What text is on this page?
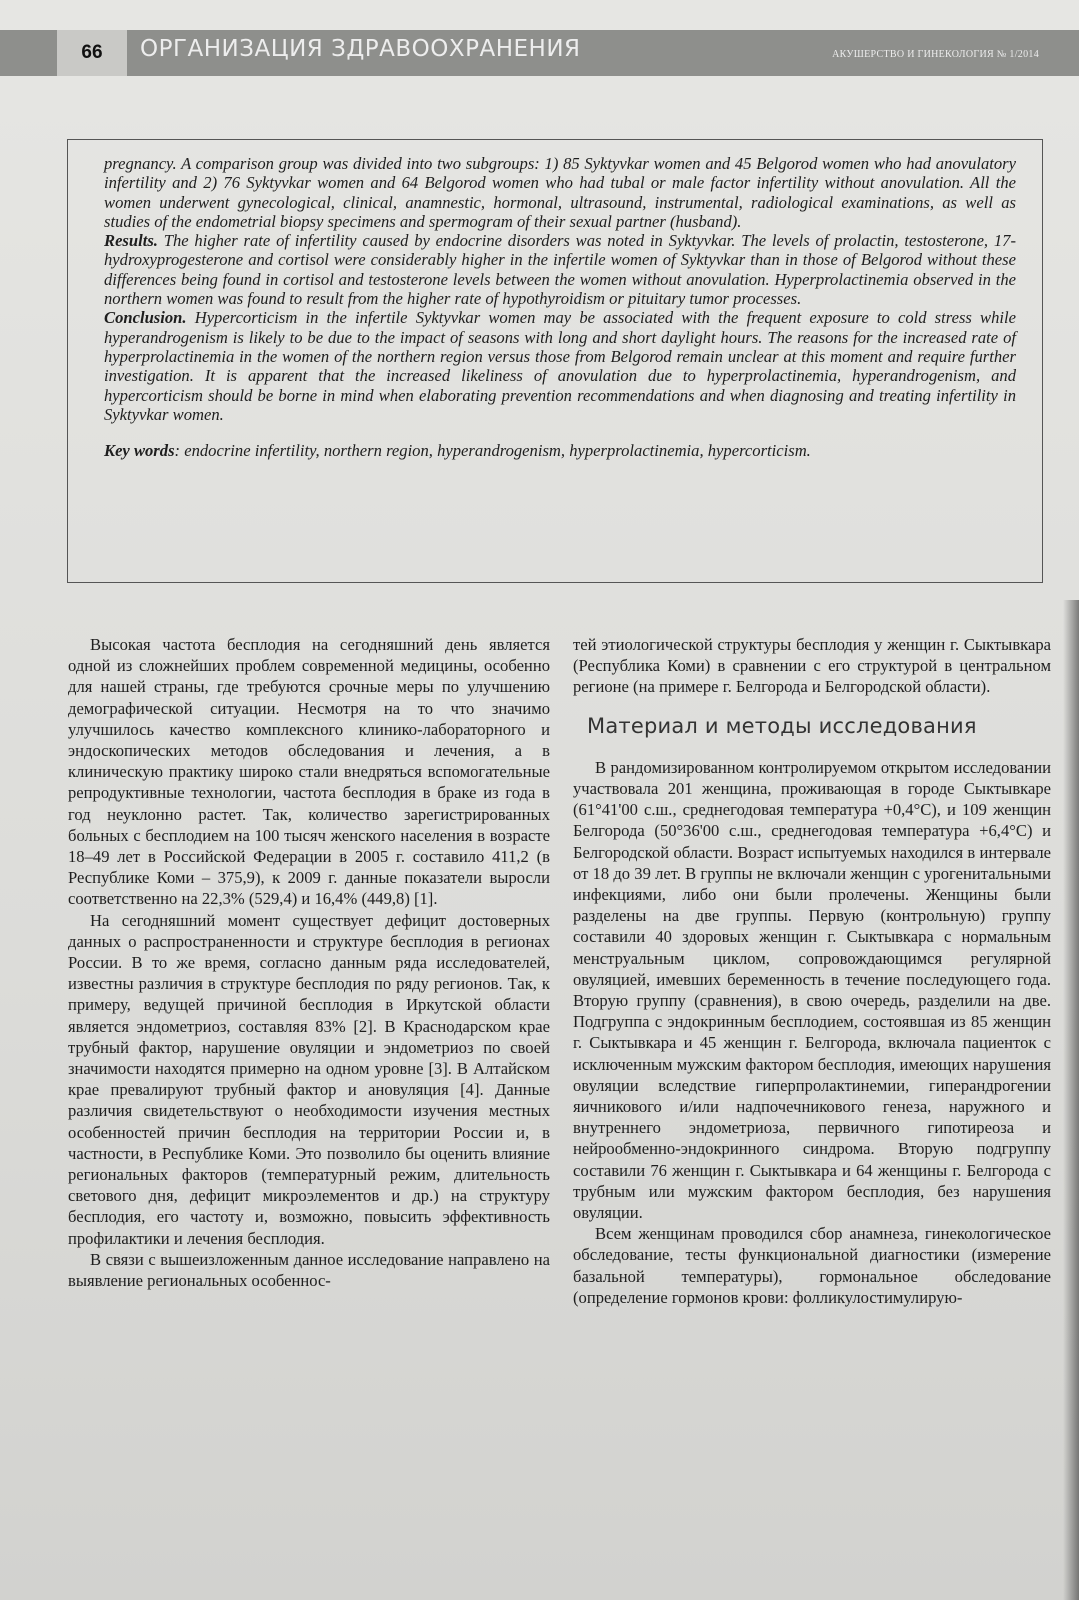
66	ОРГАНИЗАЦИЯ ЗДРАВООХРАНЕНИЯ	АКУШЕРСТВО И ГИНЕКОЛОГИЯ № 1/2014

pregnancy. A comparison group was divided into two subgroups: 1) 85 Syktyvkar women and 45 Belgorod women who had anovulatory infertility and 2) 76 Syktyvkar women and 64 Belgorod women who had tubal or male factor infertility without anovulation. All the women underwent gynecological, clinical, anamnestic, hormonal, ultrasound, instrumental, radiological examinations, as well as studies of the endometrial biopsy specimens and spermogram of their sexual partner (husband).

Results. The higher rate of infertility caused by endocrine disorders was noted in Syktyvkar. The levels of prolactin, testosterone, 17-hydroxyprogesterone and cortisol were considerably higher in the infertile women of Syktyvkar than in those of Belgorod without these differences being found in cortisol and testosterone levels between the women without anovulation. Hyperprolactinemia observed in the northern women was found to result from the higher rate of hypothyroidism or pituitary tumor processes.

Conclusion. Hypercorticism in the infertile Syktyvkar women may be associated with the frequent exposure to cold stress while hyperandrogenism is likely to be due to the impact of seasons with long and short daylight hours. The reasons for the increased rate of hyperprolactinemia in the women of the northern region versus those from Belgorod remain unclear at this moment and require further investigation. It is apparent that the increased likeliness of anovulation due to hyperprolactinemia, hyperandrogenism, and hypercorticism should be borne in mind when elaborating prevention recommendations and when diagnosing and treating infertility in Syktyvkar women.

Key words: endocrine infertility, northern region, hyperandrogenism, hyperprolactinemia, hypercorticism.

Высокая частота бесплодия на сегодняшний день является одной из сложнейших проблем современной медицины, особенно для нашей страны, где требуются срочные меры по улучшению демографической ситуации. Несмотря на то что значимо улучшилось качество комплексного клинико-лабораторного и эндоскопических методов обследования и лечения, а в клиническую практику широко стали внедряться вспомогательные репродуктивные технологии, частота бесплодия в браке из года в год неуклонно растет. Так, количество зарегистрированных больных с бесплодием на 100 тысяч женского населения в возрасте 18–49 лет в Российской Федерации в 2005 г. составило 411,2 (в Республике Коми – 375,9), к 2009 г. данные показатели выросли соответственно на 22,3% (529,4) и 16,4% (449,8) [1].

На сегодняшний момент существует дефицит достоверных данных о распространенности и структуре бесплодия в регионах России. В то же время, согласно данным ряда исследователей, известны различия в структуре бесплодия по ряду регионов. Так, к примеру, ведущей причиной бесплодия в Иркутской области является эндометриоз, составляя 83% [2]. В Краснодарском крае трубный фактор, нарушение овуляции и эндометриоз по своей значимости находятся примерно на одном уровне [3]. В Алтайском крае превалируют трубный фактор и ановуляция [4]. Данные различия свидетельствуют о необходимости изучения местных особенностей причин бесплодия на территории России и, в частности, в Республике Коми. Это позволило бы оценить влияние региональных факторов (температурный режим, длительность светового дня, дефицит микроэлементов и др.) на структуру бесплодия, его частоту и, возможно, повысить эффективность профилактики и лечения бесплодия.

В связи с вышеизложенным данное исследование направлено на выявление региональных особеннос-

тей этиологической структуры бесплодия у женщин г. Сыктывкара (Республика Коми) в сравнении с его структурой в центральном регионе (на примере г. Белгорода и Белгородской области).

Материал и методы исследования

В рандомизированном контролируемом открытом исследовании участвовала 201 женщина, проживающая в городе Сыктывкаре (61°41'00 с.ш., среднегодовая температура +0,4°С), и 109 женщин Белгорода (50°36'00 с.ш., среднегодовая температура +6,4°С) и Белгородской области. Возраст испытуемых находился в интервале от 18 до 39 лет. В группы не включали женщин с урогенитальными инфекциями, либо они были пролечены. Женщины были разделены на две группы. Первую (контрольную) группу составили 40 здоровых женщин г. Сыктывкара с нормальным менструальным циклом, сопровождающимся регулярной овуляцией, имевших беременность в течение последующего года. Вторую группу (сравнения), в свою очередь, разделили на две. Подгруппа с эндокринным бесплодием, состоявшая из 85 женщин г. Сыктывкара и 45 женщин г. Белгорода, включала пациенток с исключенным мужским фактором бесплодия, имеющих нарушения овуляции вследствие гиперпролактинемии, гиперандрогении яичникового и/или надпочечникового генеза, наружного и внутреннего эндометриоза, первичного гипотиреоза и нейрообменно-эндокринного синдрома. Вторую подгруппу составили 76 женщин г. Сыктывкара и 64 женщины г. Белгорода с трубным или мужским фактором бесплодия, без нарушения овуляции.

Всем женщинам проводился сбор анамнеза, гинекологическое обследование, тесты функциональной диагностики (измерение базальной температуры), гормональное обследование (определение гормонов крови: фолликулостимулирую-
